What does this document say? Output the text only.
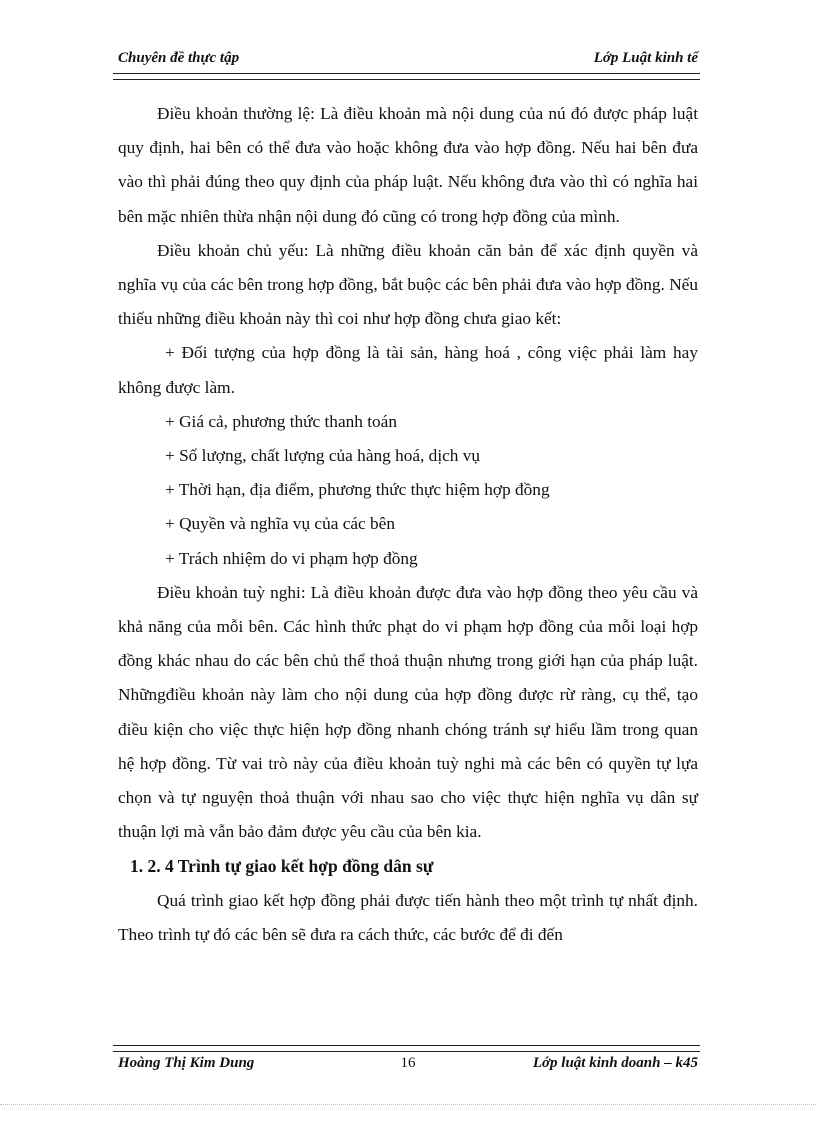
Chuyên đề thực tập	Lớp Luật kinh tế

Điều khoản thường lệ: Là điều khoản mà nội dung của nú đó được pháp luật quy định, hai bên có thể đưa vào hoặc không đưa vào hợp đồng. Nếu hai bên đưa vào thì phải đúng theo quy định của pháp luật. Nếu không đưa vào thì có nghĩa hai bên mặc nhiên thừa nhận nội dung đó cũng có trong hợp đồng của mình.

Điều khoản chủ yếu: Là những điều khoản căn bản để xác định quyền và nghĩa vụ của các bên trong hợp đồng, bắt buộc các bên phải đưa vào hợp đồng. Nếu thiếu những điều khoản này thì coi như hợp đồng chưa giao kết:

+ Đối tượng của hợp đồng là tài sản, hàng hoá , công việc phải làm hay không được làm.

+ Giá cả, phương thức thanh toán

+ Số lượng, chất lượng của hàng hoá, dịch vụ

+ Thời hạn, địa điểm, phương thức thực hiệm hợp đồng

+ Quyền và nghĩa vụ của các bên

+ Trách nhiệm do vi phạm hợp đồng

Điều khoản tuỳ nghi: Là điều khoản được đưa vào hợp đồng theo yêu cầu và khả năng của mỗi bên. Các hình thức phạt do vi phạm hợp đồng của mỗi loại hợp đồng khác nhau do các bên chủ thể thoả thuận nhưng trong giới hạn của pháp luật. Nhữngđiều khoản này làm cho nội dung của hợp đồng được rừ ràng, cụ thể, tạo điều kiện cho việc thực hiện hợp đồng nhanh chóng tránh sự hiểu lầm trong quan hệ hợp đồng. Từ vai trò này của điều khoản tuỳ nghi mà các bên có quyền tự lựa chọn và tự nguyện thoả thuận với nhau sao cho việc thực hiện nghĩa vụ dân sự thuận lợi mà vẫn bảo đảm được yêu cầu của bên kia.

1. 2. 4 Trình tự giao kết hợp đồng dân sự

Quá trình giao kết hợp đồng phải được tiến hành theo một trình tự nhất định. Theo trình tự đó các bên sẽ đưa ra cách thức, các bước để đi đến

Hoàng Thị Kim Dung	16	Lớp luật kinh doanh – k45
